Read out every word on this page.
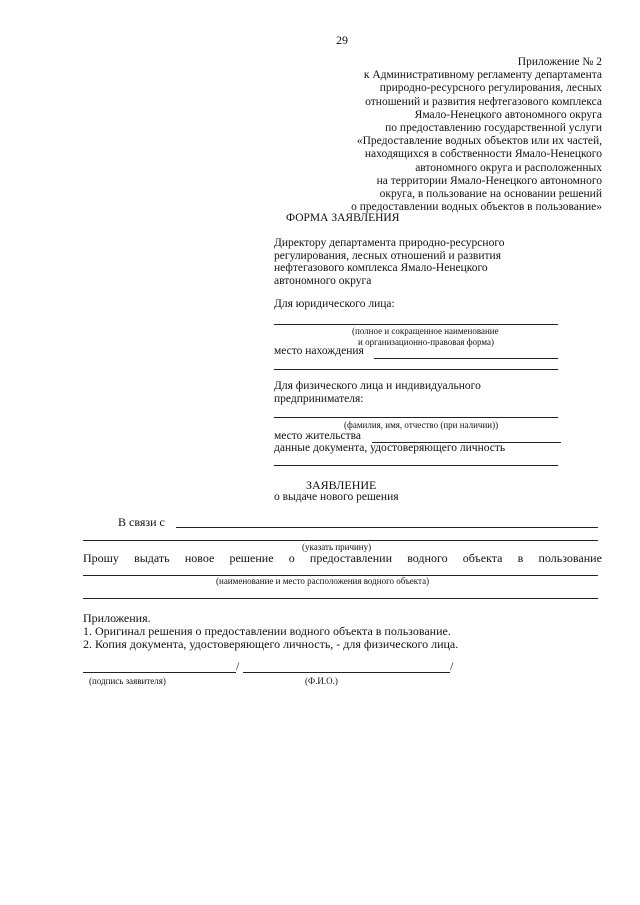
29
Приложение № 2
к Административному регламенту департамента
природно-ресурсного регулирования, лесных
отношений и развития нефтегазового комплекса
Ямало-Ненецкого автономного округа
по предоставлению государственной услуги
«Предоставление водных объектов или их частей,
находящихся в собственности Ямало-Ненецкого
автономного округа и расположенных
на территории Ямало-Ненецкого автономного
округа, в пользование на основании решений
о предоставлении водных объектов в пользование»
ФОРМА ЗАЯВЛЕНИЯ
Директору департамента природно-ресурсного
регулирования, лесных отношений и развития
нефтегазового комплекса Ямало-Ненецкого
автономного округа
Для юридического лица:
(полное и сокращенное наименование
и организационно-правовая форма)
место нахождения
Для физического лица и индивидуального
предпринимателя:
(фамилия, имя, отчество (при наличии))
место жительства
данные документа, удостоверяющего личность
ЗАЯВЛЕНИЕ
о выдаче нового решения
В связи с
(указать причину)
Прошу выдать новое решение о предоставлении водного объекта в пользование
(наименование и место расположения водного объекта)
Приложения.
1. Оригинал решения о предоставлении водного объекта в пользование.
2. Копия документа, удостоверяющего личность, - для физического лица.
/	/
(подпись заявителя)	(Ф.И.О.)
